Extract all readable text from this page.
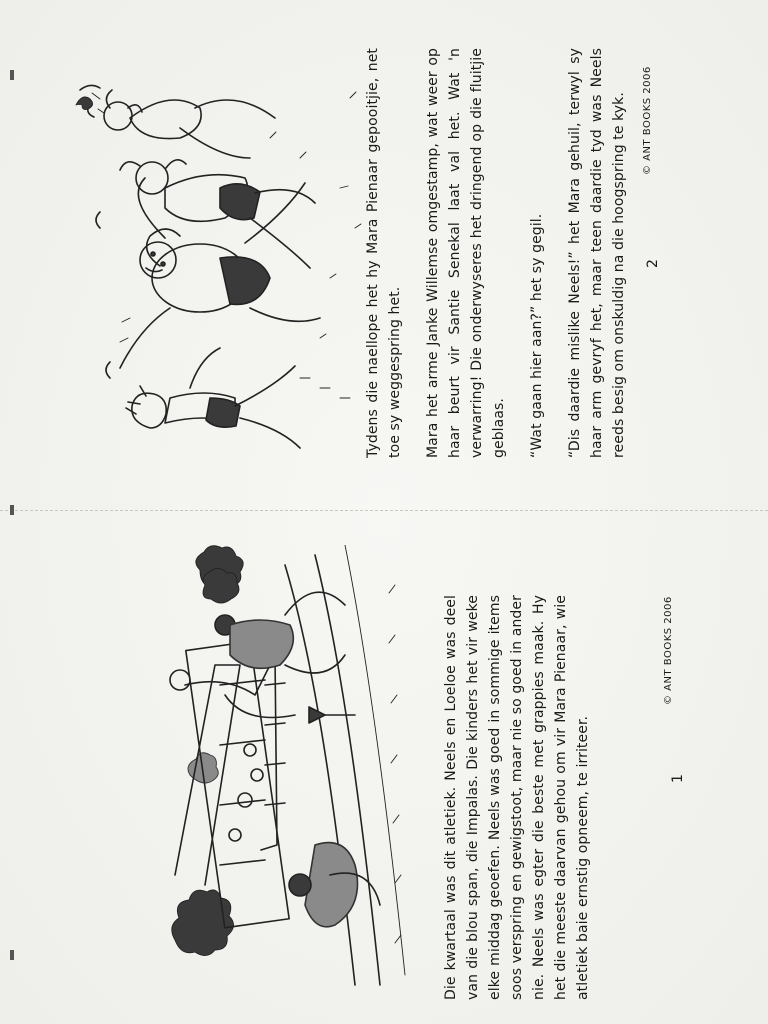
Die kwartaal was dit atletiek. Neels en Loeloe was deel van die blou span, die Impalas. Die kinders het vir weke elke middag geoefen. Neels was goed in sommige items soos verspring en gewigstoot, maar nie so goed in ander nie. Neels was egter die beste met grappies maak. Hy het die meeste daarvan gehou om vir Mara Pienaar, wie atletiek baie ernstig opneem, te irriteer.

© ANT BOOKS 2006
1

Tydens die naellope het hy Mara Pienaar gepooitjie, net toe sy weggespring het. Mara het arme Janke Willemse omgestamp, wat weer op haar beurt vir Santie Senekal laat val het. Wat 'n verwarring! Die onderwyseres het dringend op die fluitjie geblaas. “Wat gaan hier aan?” het sy gegil. “Dis daardie mislike Neels!” het Mara gehuil, terwyl sy haar arm gevryf het, maar teen daardie tyd was Neels reeds besig om onskuldig na die hoogspring te kyk.	© ANT BOOKS 2006
2
